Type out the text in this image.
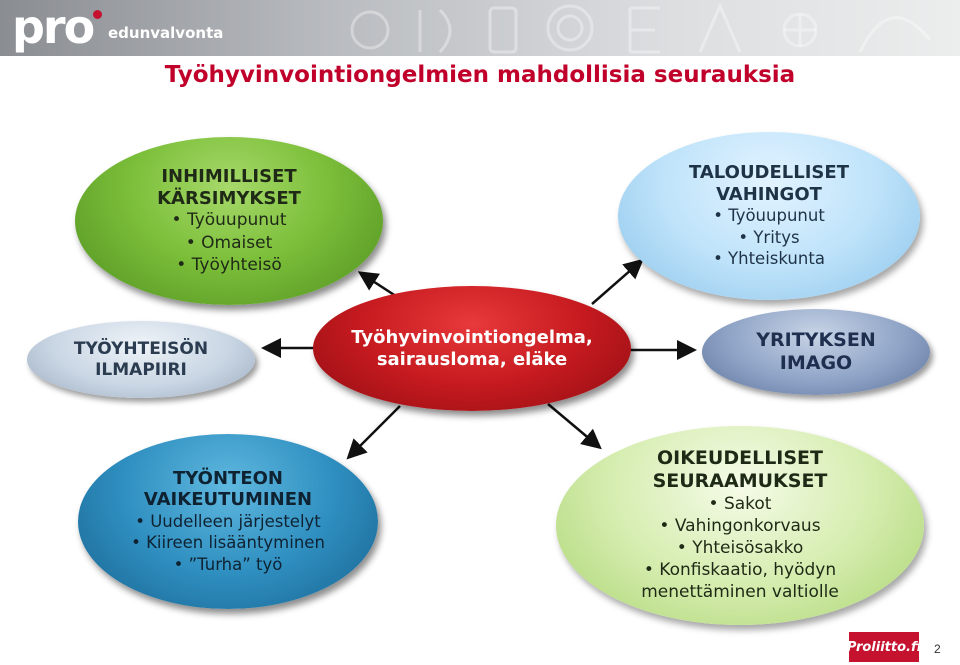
pro edunvalvonta
Työhyvinvointiongelmien mahdollisia seurauksia
INHIMILLISET
KÄRSIMYKSET
• Työuupunut
• Omaiset
• Työyhteisö
TALOUDELLISET
VAHINGOT
• Työuupunut
• Yritys
• Yhteiskunta
TYÖYHTEISÖN
ILMAPIIRI
Työhyvinvointiongelma, sairausloma, eläke
YRITYKSEN
IMAGO
TYÖNTEON
VAIKEUTUMINEN
• Uudelleen järjestelyt
• Kiireen lisääntyminen
• ”Turha” työ
OIKEUDELLISET
SEURAAMUKSET
• Sakot
• Vahingonkorvaus
• Yhteisösakko
• Konfiskaatio, hyödyn menettäminen valtiolle
Proliitto.fi 2
